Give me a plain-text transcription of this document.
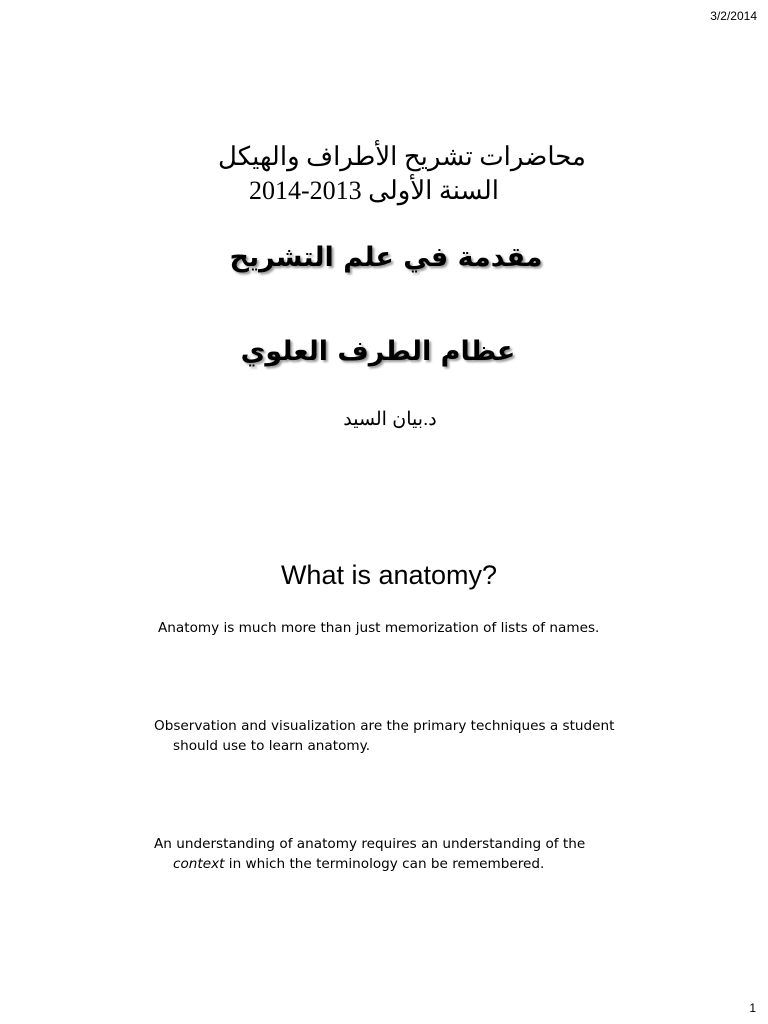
3/2/2014
محاضرات تشريح الأطراف والهيكل
السنة الأولى 2013-2014
مقدمة في علم التشريح
عظام الطرف العلوي
د.بيان السيد
What is anatomy?
Anatomy is much more than just memorization of lists of names.
Observation and visualization are the primary techniques a student
should use to learn anatomy.
An understanding of anatomy requires an understanding of the
context in which the terminology can be remembered.
1
